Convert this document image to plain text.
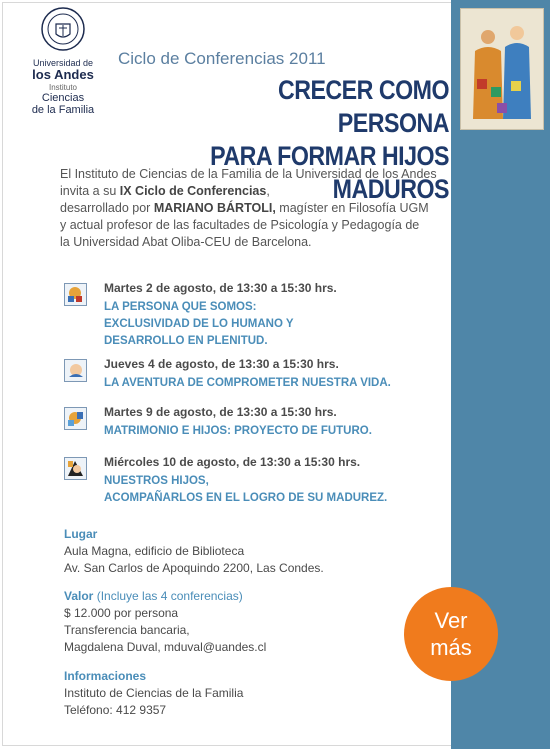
Universidad de
los Andes
Instituto
Ciencias
de la Familia
Ciclo de Conferencias 2011
CRECER COMO PERSONA
PARA FORMAR HIJOS MADUROS
El Instituto de Ciencias de la Familia de la Universidad de los Andes
invita a su IX Ciclo de Conferencias,
desarrollado por MARIANO BÁRTOLI, magíster en Filosofía UGM
y actual profesor de las facultades de Psicología y Pedagogía de
la Universidad Abat Oliba-CEU de Barcelona.
Martes 2 de agosto, de 13:30 a 15:30 hrs.
LA PERSONA QUE SOMOS:
EXCLUSIVIDAD DE LO HUMANO Y
DESARROLLO EN PLENITUD.
Jueves 4 de agosto, de 13:30 a 15:30 hrs.
LA AVENTURA DE COMPROMETER NUESTRA VIDA.
Martes 9 de agosto, de 13:30 a 15:30 hrs.
MATRIMONIO E HIJOS: PROYECTO DE FUTURO.
Miércoles 10 de agosto, de 13:30 a 15:30 hrs.
NUESTROS HIJOS,
ACOMPAÑARLOS EN EL LOGRO DE SU MADUREZ.
Lugar
Aula Magna, edificio de Biblioteca
Av. San Carlos de Apoquindo 2200, Las Condes.
Valor (Incluye las 4 conferencias)
$ 12.000 por persona
Transferencia bancaria,
Magdalena Duval, mduval@uandes.cl
Informaciones
Instituto de Ciencias de la Familia
Teléfono: 412 9357
Ver
más
